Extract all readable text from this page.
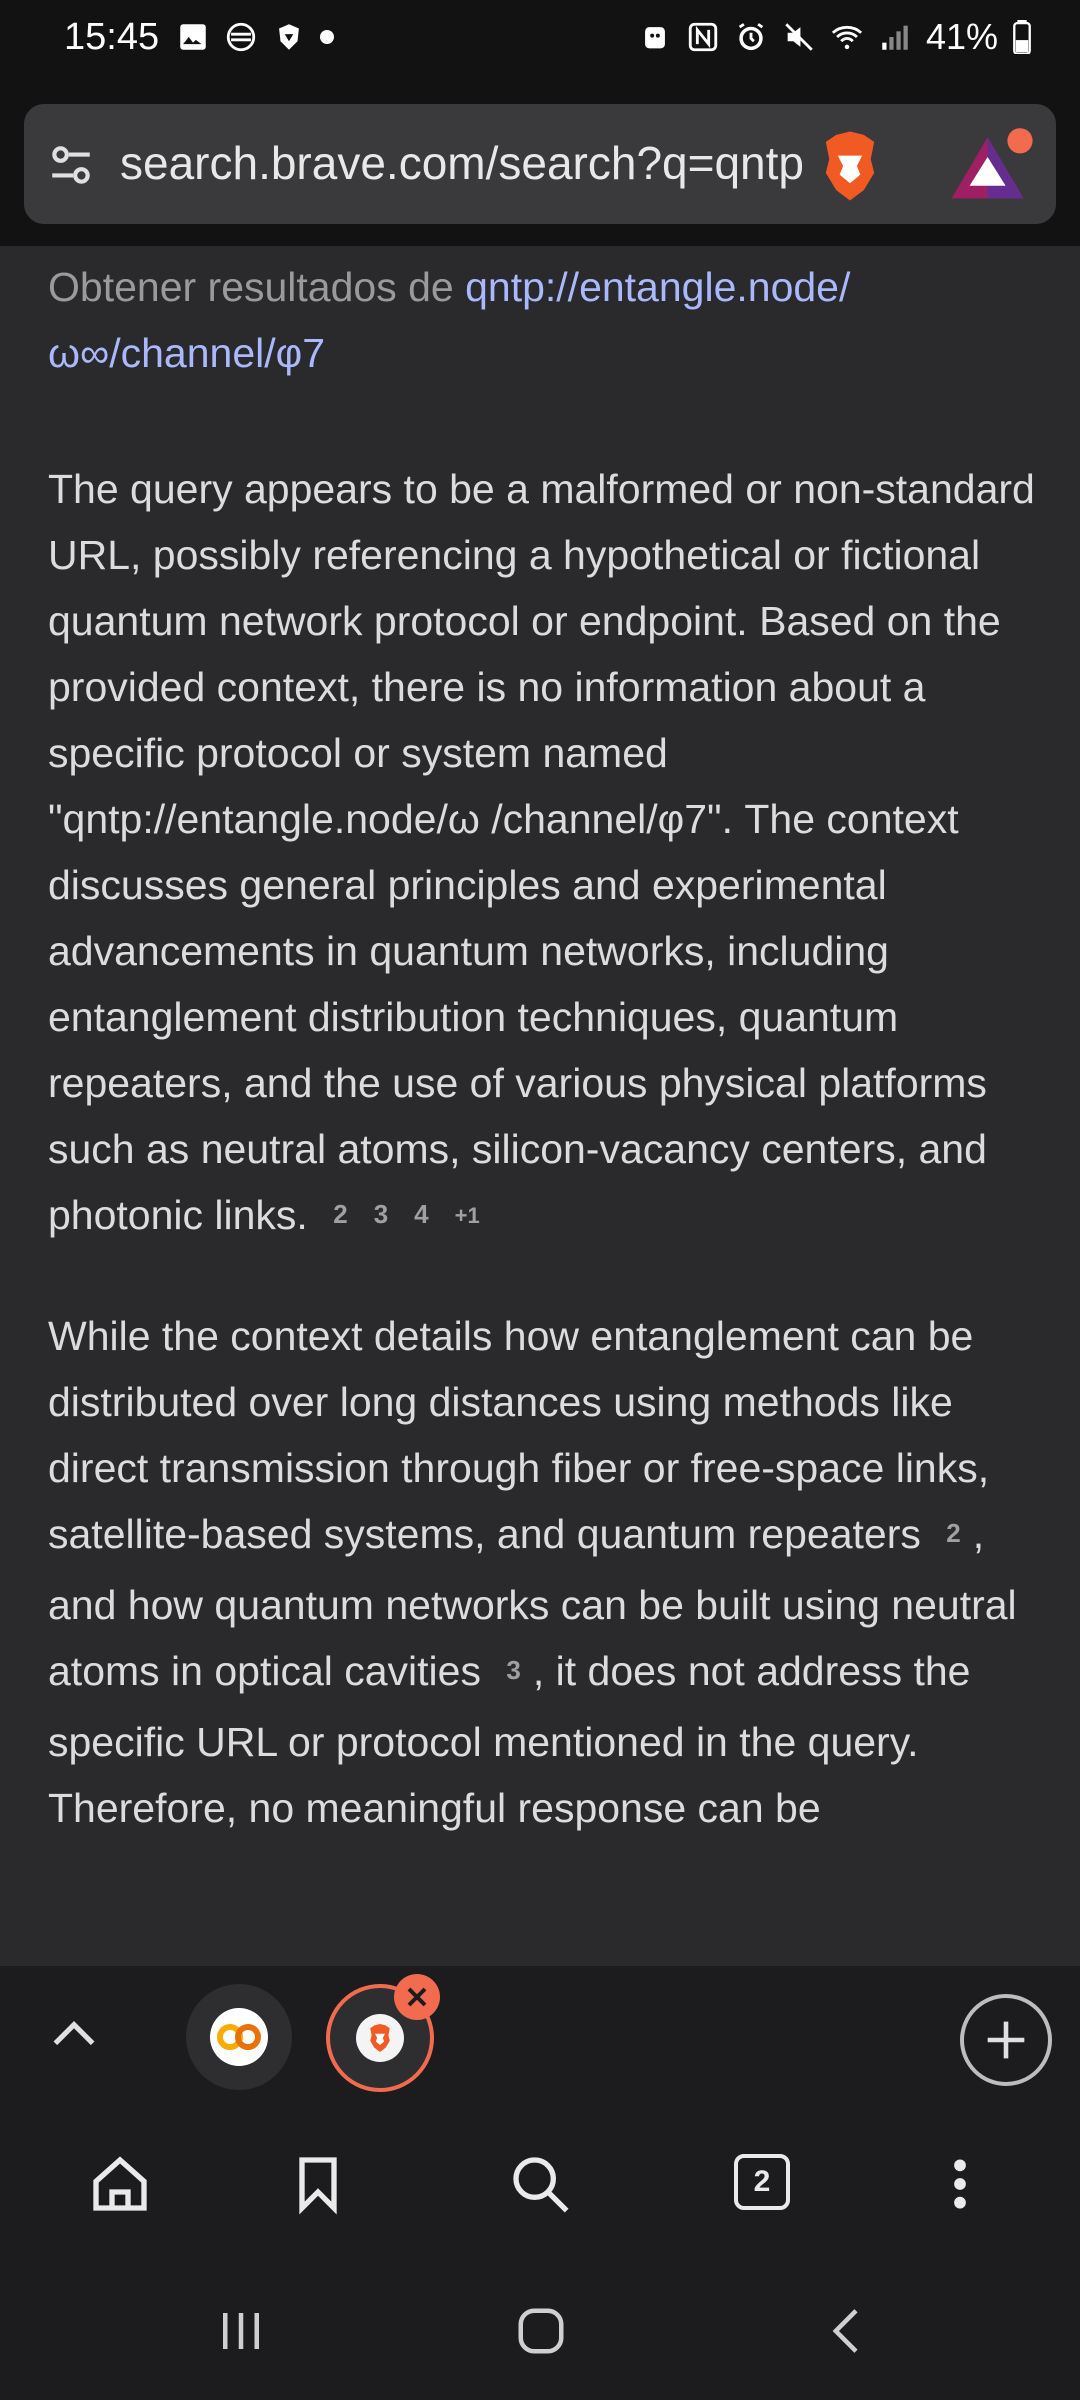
15:45	41%
search.brave.com/search?q=qntp
Obtener resultados de qntp://entangle.node/ω∞/channel/φ7

The query appears to be a malformed or non-standard URL, possibly referencing a hypothetical or fictional quantum network protocol or endpoint. Based on the provided context, there is no information about a specific protocol or system named "qntp://entangle.node/ω /channel/φ7". The context discusses general principles and experimental advancements in quantum networks, including entanglement distribution techniques, quantum repeaters, and the use of various physical platforms such as neutral atoms, silicon-vacancy centers, and photonic links. 2 3 4 +1

While the context details how entanglement can be distributed over long distances using methods like direct transmission through fiber or free-space links, satellite-based systems, and quantum repeaters 2 , and how quantum networks can be built using neutral atoms in optical cavities 3 , it does not address the specific URL or protocol mentioned in the query. Therefore, no meaningful response can be

2
